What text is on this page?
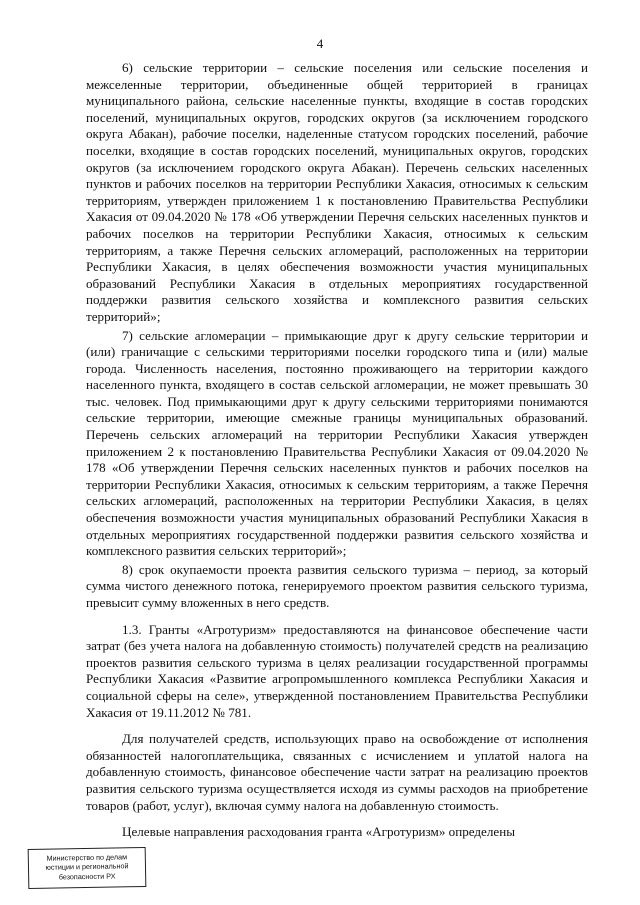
4

6) сельские территории – сельские поселения или сельские поселения и межселенные территории, объединенные общей территорией в границах муниципального района, сельские населенные пункты, входящие в состав городских поселений, муниципальных округов, городских округов (за исключением городского округа Абакан), рабочие поселки, наделенные статусом городских поселений, рабочие поселки, входящие в состав городских поселений, муниципальных округов, городских округов (за исключением городского округа Абакан). Перечень сельских населенных пунктов и рабочих поселков на территории Республики Хакасия, относимых к сельским территориям, утвержден приложением 1 к постановлению Правительства Республики Хакасия от 09.04.2020 № 178 «Об утверждении Перечня сельских населенных пунктов и рабочих поселков на территории Республики Хакасия, относимых к сельским территориям, а также Перечня сельских агломераций, расположенных на территории Республики Хакасия, в целях обеспечения возможности участия муниципальных образований Республики Хакасия в отдельных мероприятиях государственной поддержки развития сельского хозяйства и комплексного развития сельских территорий»;

7) сельские агломерации – примыкающие друг к другу сельские территории и (или) граничащие с сельскими территориями поселки городского типа и (или) малые города. Численность населения, постоянно проживающего на территории каждого населенного пункта, входящего в состав сельской агломерации, не может превышать 30 тыс. человек. Под примыкающими друг к другу сельскими территориями понимаются сельские территории, имеющие смежные границы муниципальных образований. Перечень сельских агломераций на территории Республики Хакасия утвержден приложением 2 к постановлению Правительства Республики Хакасия от 09.04.2020 № 178 «Об утверждении Перечня сельских населенных пунктов и рабочих поселков на территории Республики Хакасия, относимых к сельским территориям, а также Перечня сельских агломераций, расположенных на территории Республики Хакасия, в целях обеспечения возможности участия муниципальных образований Республики Хакасия в отдельных мероприятиях государственной поддержки развития сельского хозяйства и комплексного развития сельских территорий»;

8) срок окупаемости проекта развития сельского туризма – период, за который сумма чистого денежного потока, генерируемого проектом развития сельского туризма, превысит сумму вложенных в него средств.

1.3. Гранты «Агротуризм» предоставляются на финансовое обеспечение части затрат (без учета налога на добавленную стоимость) получателей средств на реализацию проектов развития сельского туризма в целях реализации государственной программы Республики Хакасия «Развитие агропромышленного комплекса Республики Хакасия и социальной сферы на селе», утвержденной постановлением Правительства Республики Хакасия от 19.11.2012 № 781.

Для получателей средств, использующих право на освобождение от исполнения обязанностей налогоплательщика, связанных с исчислением и уплатой налога на добавленную стоимость, финансовое обеспечение части затрат на реализацию проектов развития сельского туризма осуществляется исходя из суммы расходов на приобретение товаров (работ, услуг), включая сумму налога на добавленную стоимость.

Целевые направления расходования гранта «Агротуризм» определены

Министерство по делам
юстиции и региональной
безопасности РХ
